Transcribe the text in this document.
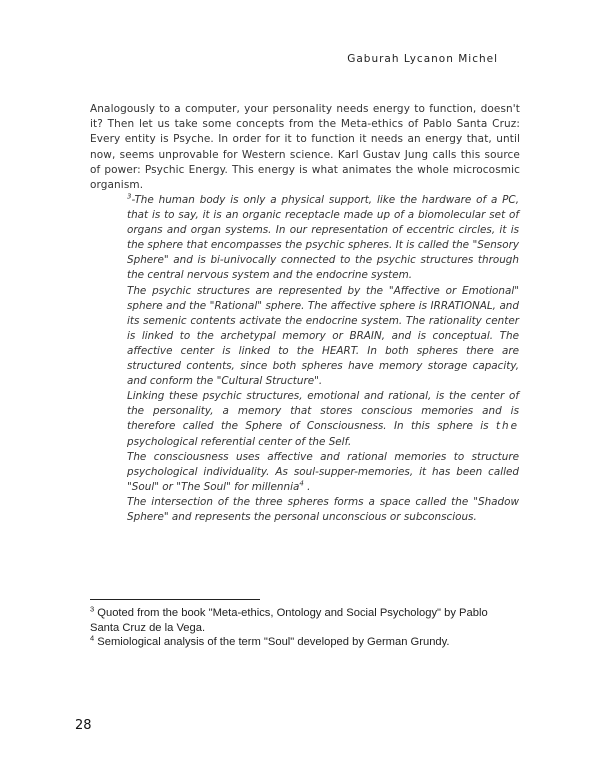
Gaburah Lycanon Michel
Analogously to a computer, your personality needs energy to function, doesn't it? Then let us take some concepts from the Meta-ethics of Pablo Santa Cruz: Every entity is Psyche. In order for it to function it needs an energy that, until now, seems unprovable for Western science. Karl Gustav Jung calls this source of power: Psychic Energy. This energy is what animates the whole microcosmic organism.

$^3$-The human body is only a physical support, like the hardware of a PC, that is to say, it is an organic receptacle made up of a biomolecular set of organs and organ systems. In our representation of eccentric circles, it is the sphere that encompasses the psychic spheres. It is called the "Sensory Sphere" and is bi-univocally connected to the psychic structures through the central nervous system and the endocrine system.

The psychic structures are represented by the "Affective or Emotional" sphere and the "Rational" sphere. The affective sphere is IRRATIONAL, and its semenic contents activate the endocrine system. The rationality center is linked to the archetypal memory or BRAIN, and is conceptual. The affective center is linked to the HEART. In both spheres there are structured contents, since both spheres have memory storage capacity, and conform the "Cultural Structure".

Linking these psychic structures, emotional and rational, is the center of the personality, a memory that stores conscious memories and is therefore called the Sphere of Consciousness. In this sphere is the psychological referential center of the Self.

The consciousness uses affective and rational memories to structure psychological individuality. As soul-supper-memories, it has been called "Soul" or "The Soul" for millennia$^4$ .

The intersection of the three spheres forms a space called the "Shadow Sphere" and represents the personal unconscious or subconscious.

$^3$ Quoted from the book "Meta-ethics, Ontology and Social Psychology" by Pablo Santa Cruz de la Vega.

$^4$ Semiological analysis of the term "Soul" developed by German Grundy.

28
